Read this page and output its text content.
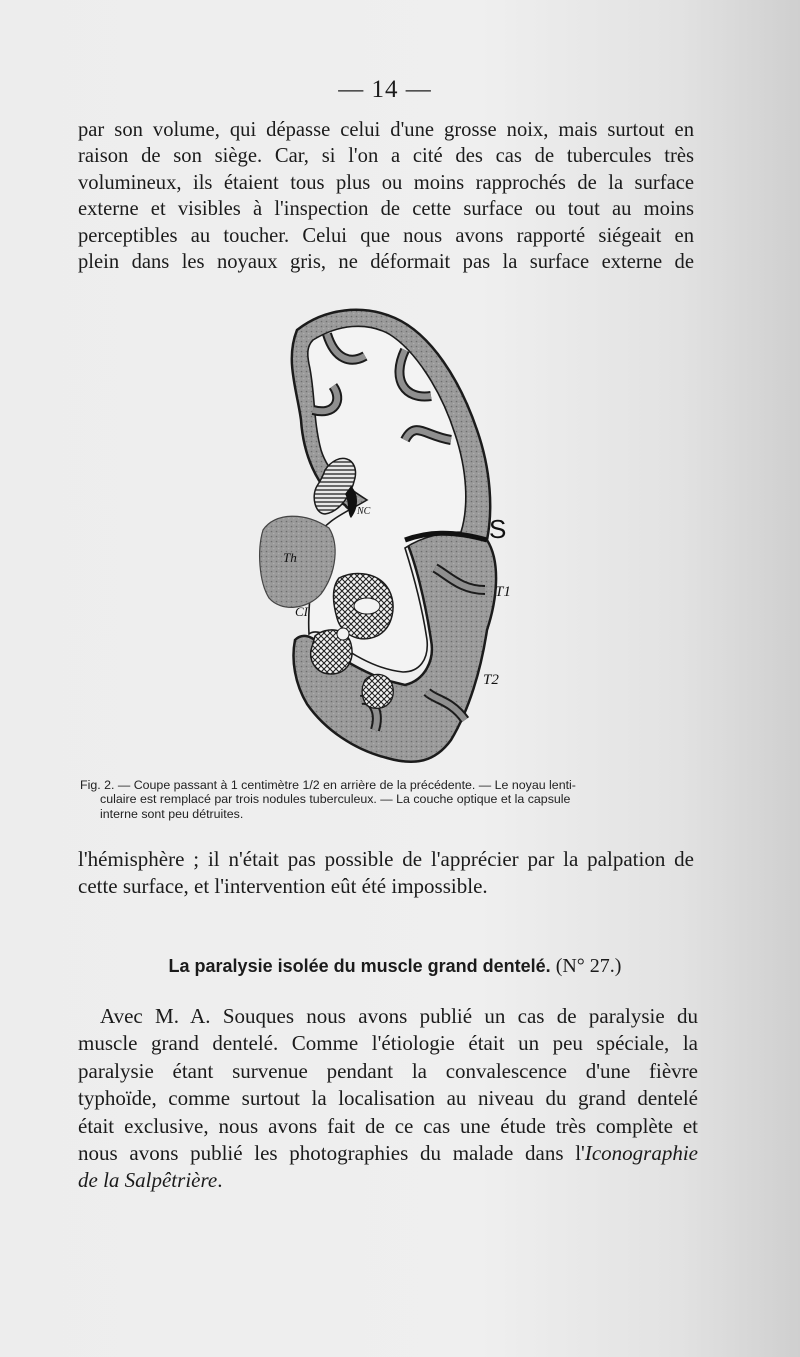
— 14 —

par son volume, qui dépasse celui d'une grosse noix, mais surtout en
raison de son siège. Car, si l'on a cité des cas de tubercules très
volumineux, ils étaient tous plus ou moins rapprochés de la surface
externe et visibles à l'inspection de cette surface ou tout au moins
perceptibles au toucher. Celui que nous avons rapporté siégeait en
plein dans les noyaux gris, ne déformait pas la surface externe de

NC
S
Th
T1
CI
T2

Fig. 2. — Coupe passant à 1 centimètre 1/2 en arrière de la précédente. — Le noyau lenti-
culaire est remplacé par trois nodules tuberculeux. — La couche optique et la capsule
interne sont peu détruites.

l'hémisphère ; il n'était pas possible de l'apprécier par la palpation de
cette surface, et l'intervention eût été impossible.

La paralysie isolée du muscle grand dentelé. (N° 27.)

Avec M. A. Souques nous avons publié un cas de paralysie du
muscle grand dentelé. Comme l'étiologie était un peu spéciale, la
paralysie étant survenue pendant la convalescence d'une fièvre
typhoïde, comme surtout la localisation au niveau du grand dentelé
était exclusive, nous avons fait de ce cas une étude très complète et
nous avons publié les photographies du malade dans l'Iconographie
de la Salpêtrière.
